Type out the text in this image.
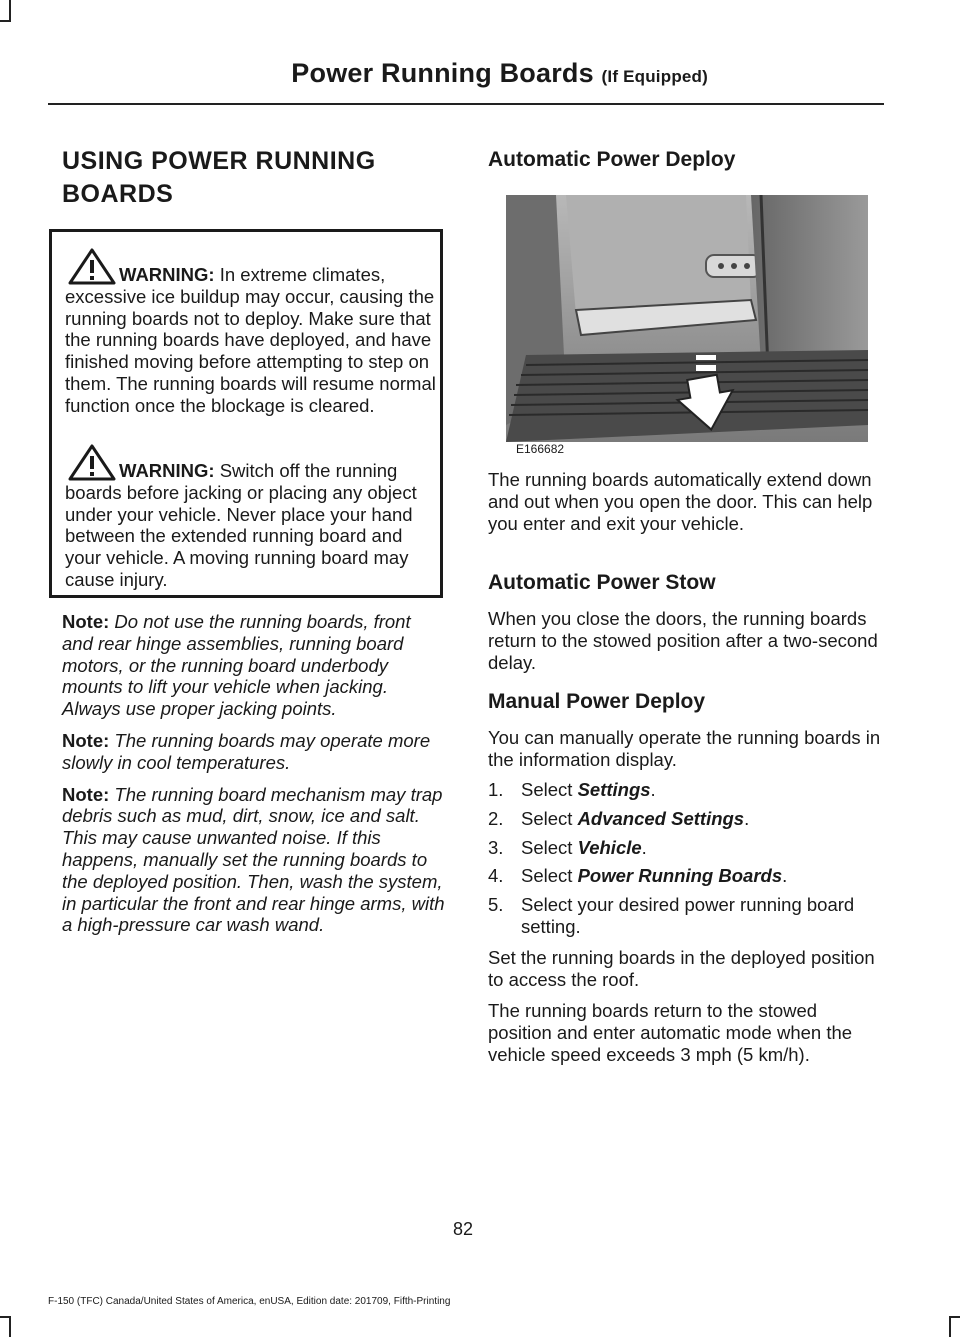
Power Running Boards (If Equipped)
USING POWER RUNNING
BOARDS
WARNING: In extreme climates,
excessive ice buildup may occur, causing the running boards not to deploy. Make sure that the running boards have deployed, and have finished moving before attempting to step on them. The running boards will resume normal function once the blockage is cleared.
WARNING: Switch off the running
boards before jacking or placing any object under your vehicle. Never place your hand between the extended running board and your vehicle. A moving running board may cause injury.

Note: Do not use the running boards, front and rear hinge assemblies, running board motors, or the running board underbody mounts to lift your vehicle when jacking. Always use proper jacking points.

Note: The running boards may operate more slowly in cool temperatures.

Note: The running board mechanism may trap debris such as mud, dirt, snow, ice and salt. This may cause unwanted noise. If this happens, manually set the running boards to the deployed position. Then, wash the system, in particular the front and rear hinge arms, with a high-pressure car wash wand.

Automatic Power Deploy
E166682

The running boards automatically extend down and out when you open the door. This can help you enter and exit your vehicle.

Automatic Power Stow

When you close the doors, the running boards return to the stowed position after a two-second delay.

Manual Power Deploy

You can manually operate the running boards in the information display.

1. Select Settings.
2. Select Advanced Settings.
3. Select Vehicle.
4. Select Power Running Boards.
5. Select your desired power running board setting.

Set the running boards in the deployed position to access the roof.

The running boards return to the stowed position and enter automatic mode when the vehicle speed exceeds 3 mph (5 km/h).

82
F-150 (TFC) Canada/United States of America, enUSA, Edition date: 201709, Fifth-Printing
